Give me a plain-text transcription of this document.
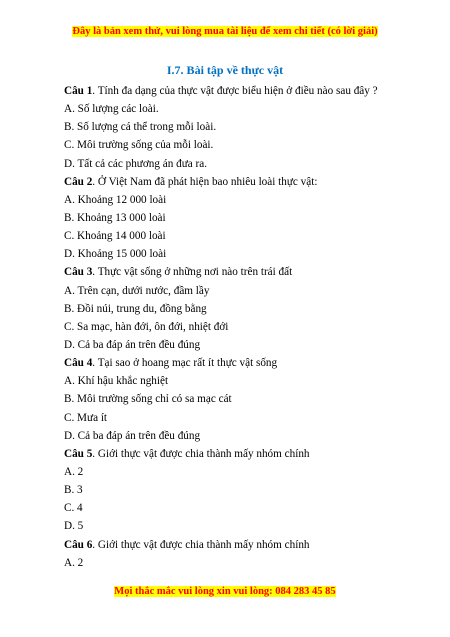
Đây là bản xem thử, vui lòng mua tài liệu để xem chi tiết (có lời giải)
I.7. Bài tập về thực vật
Câu 1. Tính đa dạng của thực vật được biểu hiện ở điều nào sau đây ?
A. Số lượng các loài.
B. Số lượng cá thể trong mỗi loài.
C. Môi trường sống của mỗi loài.
D. Tất cả các phương án đưa ra.
Câu 2. Ở Việt Nam đã phát hiện bao nhiêu loài thực vật:
A. Khoảng 12 000 loài
B. Khoảng 13 000 loài
C. Khoảng 14 000 loài
D. Khoảng 15 000 loài
Câu 3. Thực vật sống ở những nơi nào trên trái đất
A. Trên cạn, dưới nước, đầm lầy
B. Đồi núi, trung du, đồng bằng
C. Sa mạc, hàn đới, ôn đới, nhiệt đới
D. Cả ba đáp án trên đều đúng
Câu 4. Tại sao ở hoang mạc rất ít thực vật sống
A. Khí hậu khắc nghiệt
B. Môi trường sống chỉ có sa mạc cát
C. Mưa ít
D. Cả ba đáp án trên đều đúng
Câu 5. Giới thực vật được chia thành mấy nhóm chính
A. 2
B. 3
C. 4
D. 5
Câu 6. Giới thực vật được chia thành mấy nhóm chính
A. 2
Mọi thắc mắc vui lòng xin vui lòng: 084 283 45 85
